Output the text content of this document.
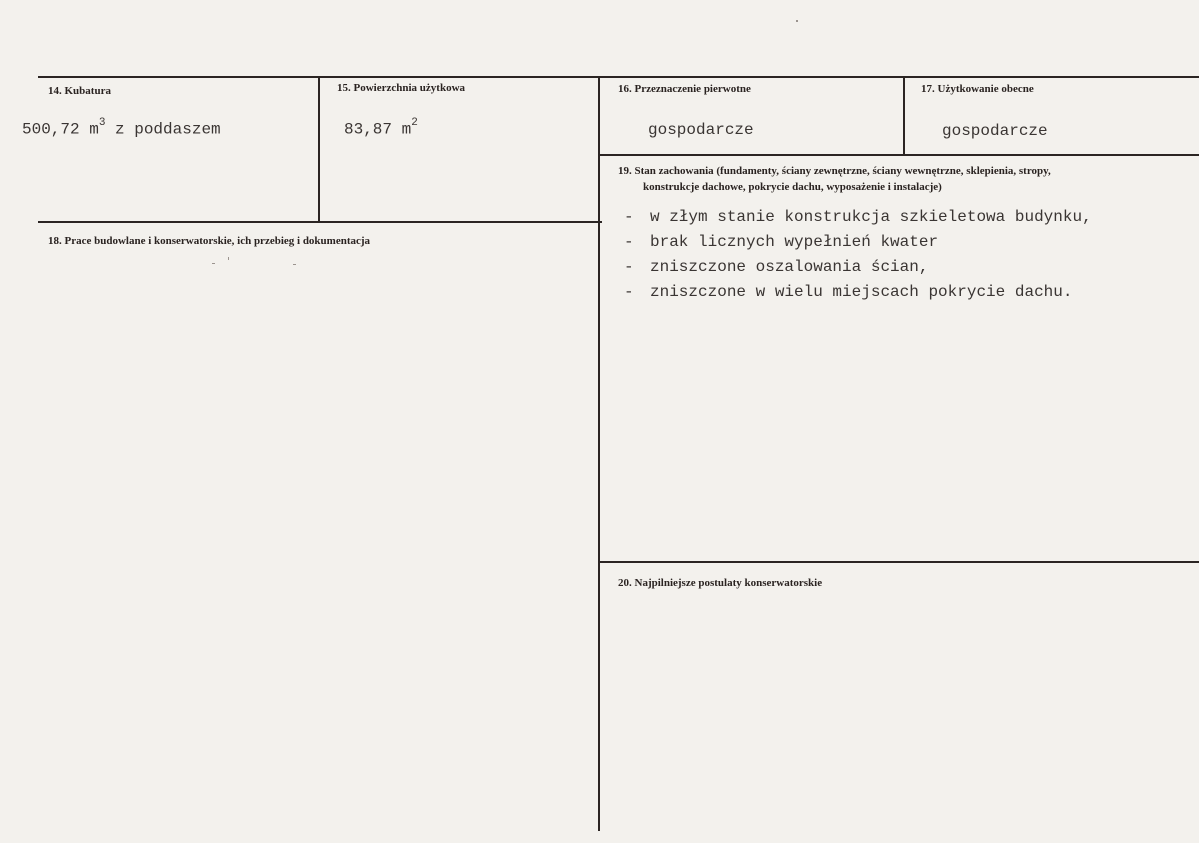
14. Kubatura
500,72 $m^3$ z poddaszem
15. Powierzchnia użytkowa
83,87 $m^2$
16. Przeznaczenie pierwotne
gospodarcze
17. Użytkowanie obecne
gospodarcze
18. Prace budowlane i konserwatorskie, ich przebieg i dokumentacja
19. Stan zachowania (fundamenty, ściany zewnętrzne, ściany wewnętrzne, sklepienia, stropy,
konstrukcje dachowe, pokrycie dachu, wyposażenie i instalacje)
- w złym stanie konstrukcja szkieletowa budynku,
- brak licznych wypełnień kwater
- zniszczone oszalowania ścian,
- zniszczone w wielu miejscach pokrycie dachu.
20. Najpilniejsze postulaty konserwatorskie
